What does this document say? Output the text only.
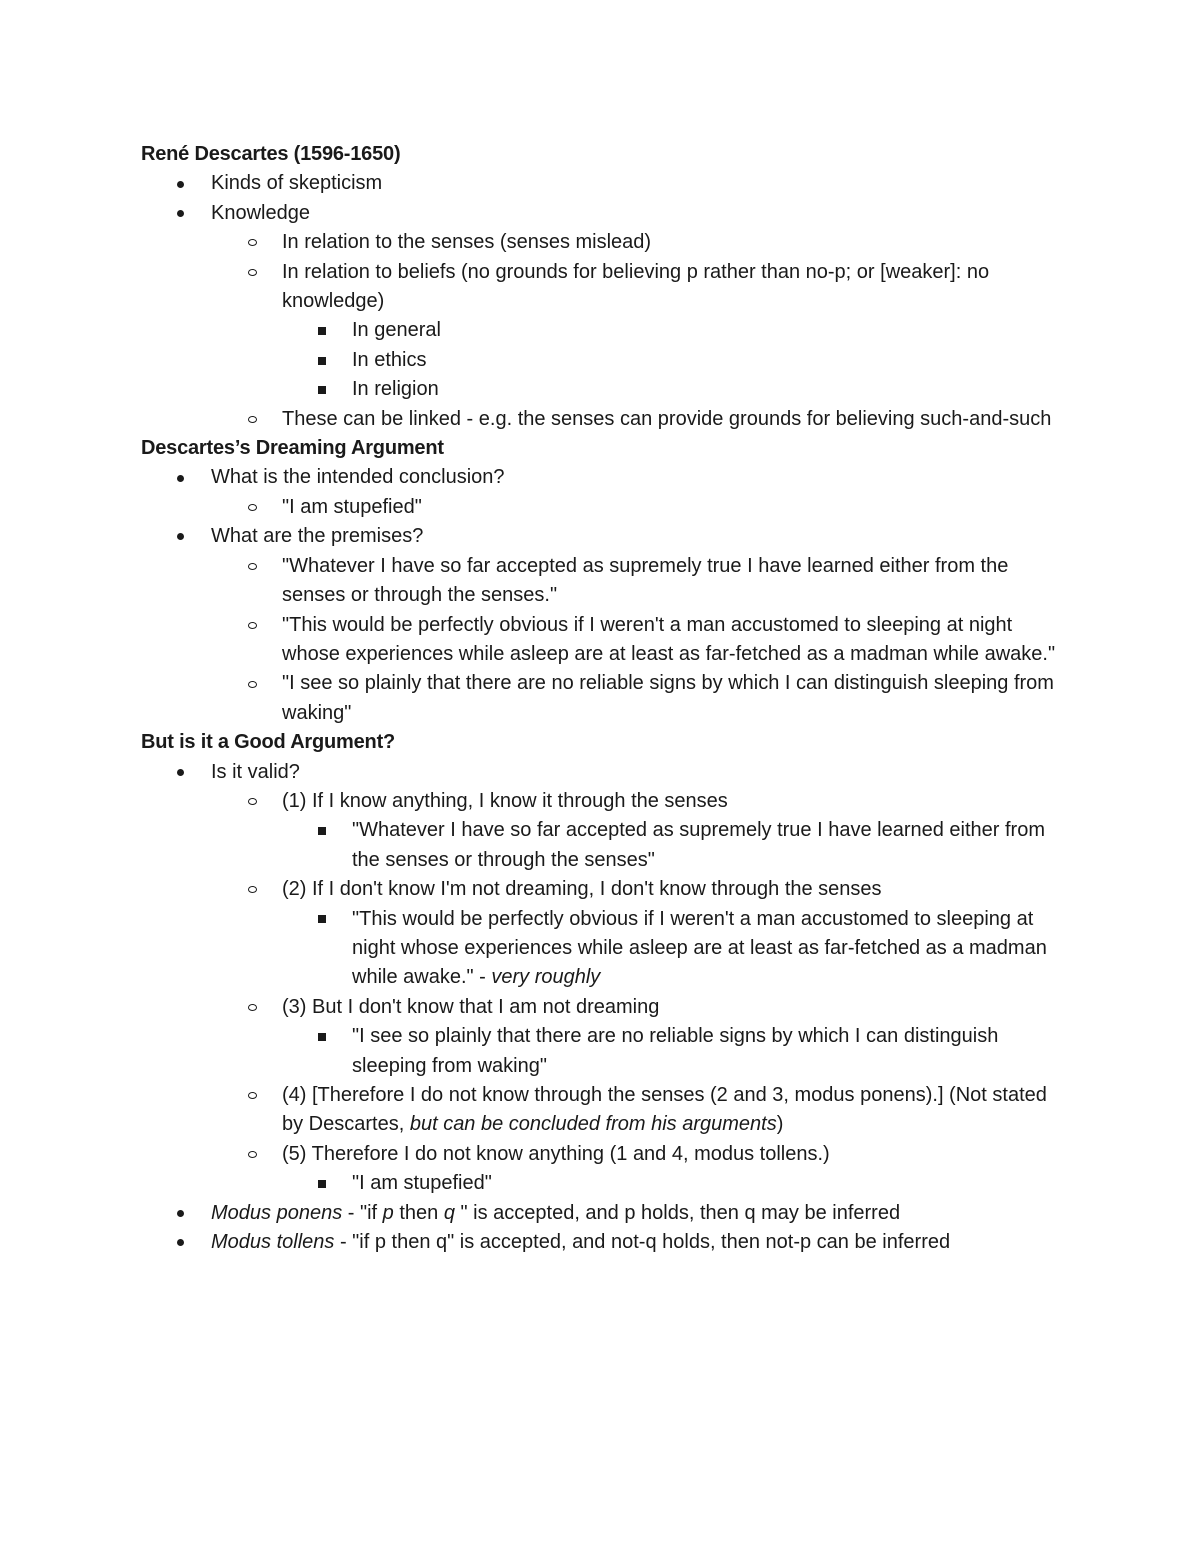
René Descartes (1596-1650)
Kinds of skepticism
Knowledge
In relation to the senses (senses mislead)
In relation to beliefs (no grounds for believing p rather than no-p; or [weaker]: no knowledge)
In general
In ethics
In religion
These can be linked - e.g. the senses can provide grounds for believing such-and-such
Descartes’s Dreaming Argument
What is the intended conclusion?
"I am stupefied"
What are the premises?
"Whatever I have so far accepted as supremely true I have learned either from the senses or through the senses."
"This would be perfectly obvious if I weren't a man accustomed to sleeping at night whose experiences while asleep are at least as far-fetched as a madman while awake."
"I see so plainly that there are no reliable signs by which I can distinguish sleeping from waking"
But is it a Good Argument?
Is it valid?
(1) If I know anything, I know it through the senses
"Whatever I have so far accepted as supremely true I have learned either from the senses or through the senses"
(2) If I don't know I'm not dreaming, I don't know through the senses
"This would be perfectly obvious if I weren't a man accustomed to sleeping at night whose experiences while asleep are at least as far-fetched as a madman while awake." - very roughly
(3) But I don't know that I am not dreaming
"I see so plainly that there are no reliable signs by which I can distinguish sleeping from waking"
(4) [Therefore I do not know through the senses (2 and 3, modus ponens).] (Not stated by Descartes, but can be concluded from his arguments)
(5) Therefore I do not know anything (1 and 4, modus tollens.)
"I am stupefied"
Modus ponens - "if p then q " is accepted, and p holds, then q may be inferred
Modus tollens - "if p then q" is accepted, and not-q holds, then not-p can be inferred
